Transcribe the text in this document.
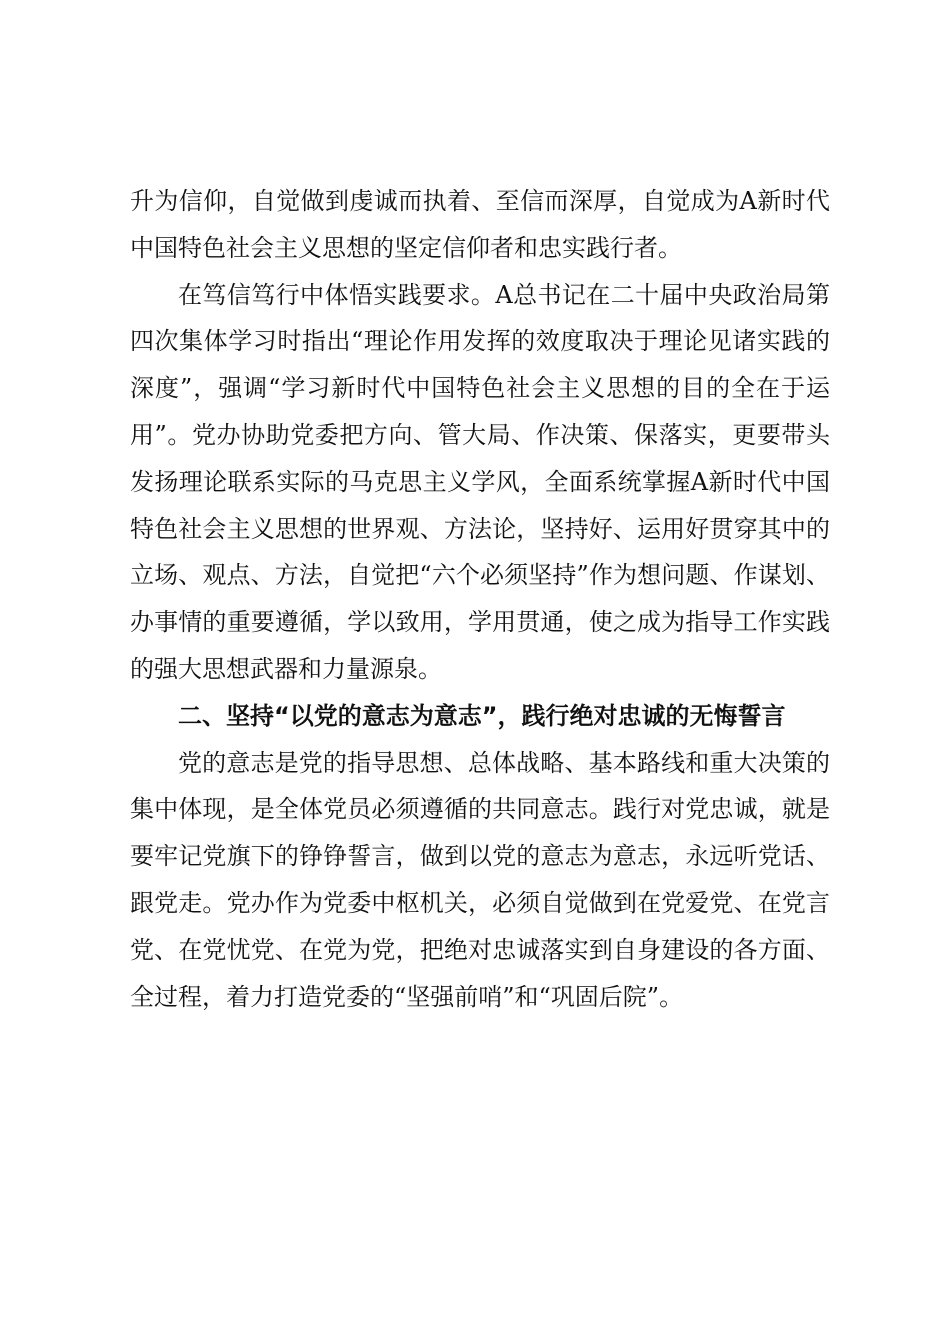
升为信仰，自觉做到虔诚而执着、至信而深厚，自觉成为A新时代中国特色社会主义思想的坚定信仰者和忠实践行者。

在笃信笃行中体悟实践要求。A总书记在二十届中央政治局第四次集体学习时指出“理论作用发挥的效度取决于理论见诸实践的深度”，强调“学习新时代中国特色社会主义思想的目的全在于运用”。党办协助党委把方向、管大局、作决策、保落实，更要带头发扬理论联系实际的马克思主义学风，全面系统掌握A新时代中国特色社会主义思想的世界观、方法论，坚持好、运用好贯穿其中的立场、观点、方法，自觉把“六个必须坚持”作为想问题、作谋划、办事情的重要遵循，学以致用，学用贯通，使之成为指导工作实践的强大思想武器和力量源泉。

二、坚持“以党的意志为意志”，践行绝对忠诚的无悔誓言

党的意志是党的指导思想、总体战略、基本路线和重大决策的集中体现，是全体党员必须遵循的共同意志。践行对党忠诚，就是要牢记党旗下的铮铮誓言，做到以党的意志为意志，永远听党话、跟党走。党办作为党委中枢机关，必须自觉做到在党爱党、在党言党、在党忧党、在党为党，把绝对忠诚落实到自身建设的各方面、全过程，着力打造党委的“坚强前哨”和“巩固后院”。
